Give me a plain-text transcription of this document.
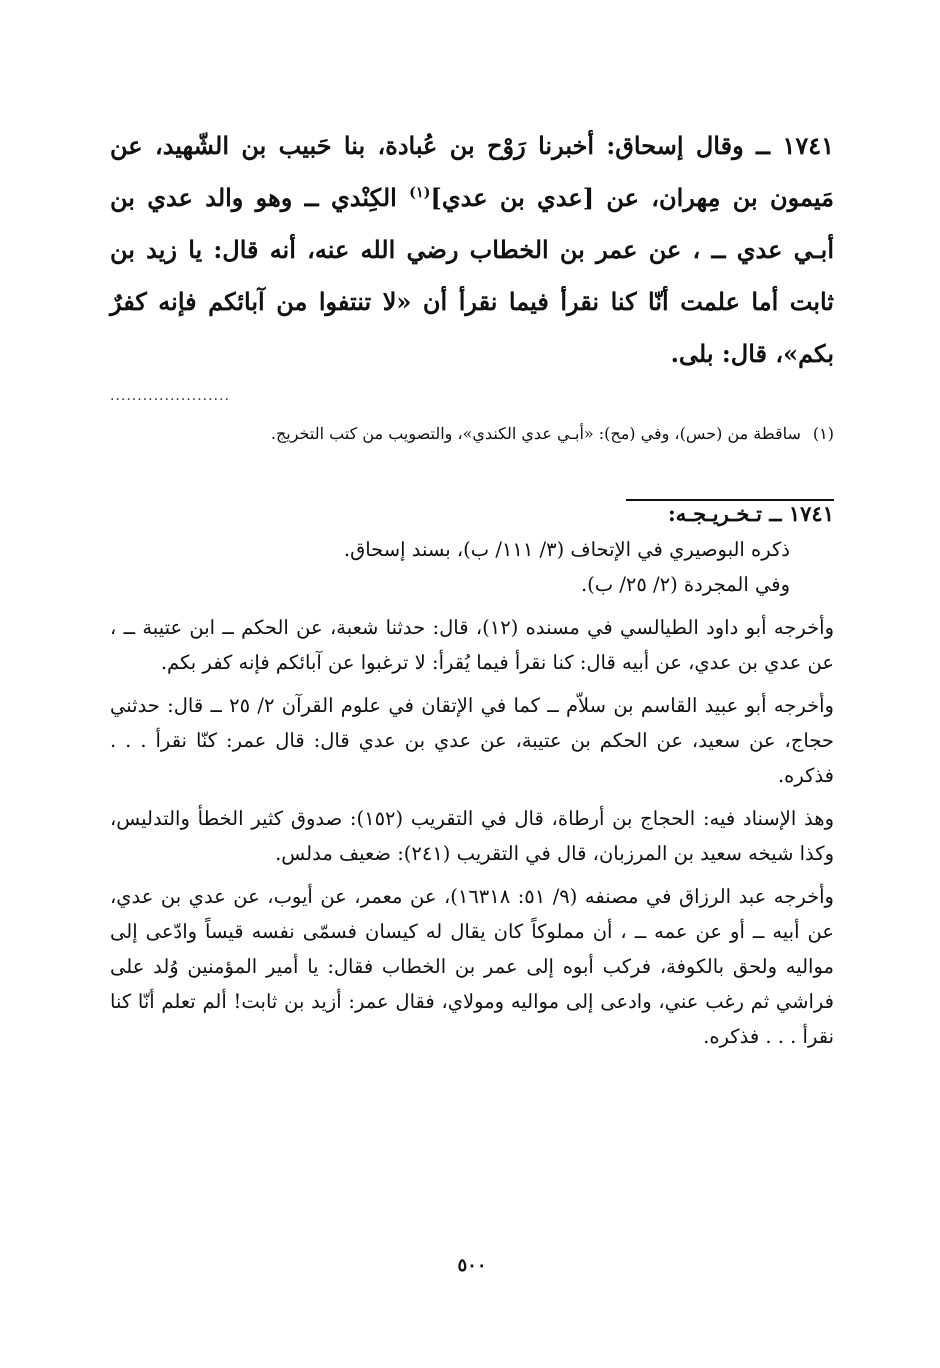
١٧٤١ ــ وقال إسحاق: أخبرنا رَوْح بن عُبادة، بنا حَبيب بن الشّهيد، عن مَيمون بن مِهران، عن [عدي بن عدي]$^{(١)}$ الكِنْدي ــ وهو والد عدي بن أبـي عدي ــ ، عن عمر بن الخطاب رضي الله عنه، أنه قال: يا زيد بن ثابت أما علمت أنّا كنا نقرأ فيما نقرأ أن «لا تنتفوا من آبائكم فإنه كفرٌ بكم»، قال: بلى.

......................
(١)ساقطة من (حس)، وفي (مح): «أبـي عدي الكندي»، والتصويب من كتب التخريج.

١٧٤١ ــ تـخـريـجـه:

ذكره البوصيري في الإتحاف (٣/ ١١١/ ب)، بسند إسحاق.

وفي المجردة (٢/ ٢٥/ ب).

وأخرجه أبو داود الطيالسي في مسنده (١٢)، قال: حدثنا شعبة، عن الحكم ــ ابن عتيبة ــ ، عن عدي بن عدي، عن أبيه قال: كنا نقرأ فيما يُقرأ: لا ترغبوا عن آبائكم فإنه كفر بكم.

وأخرجه أبو عبيد القاسم بن سلاّم ــ كما في الإتقان في علوم القرآن ٢/ ٢٥ ــ قال: حدثني حجاج، عن سعيد، عن الحكم بن عتيبة، عن عدي بن عدي قال: قال عمر: كنّا نقرأ . . . فذكره.

وهذ الإسناد فيه: الحجاج بن أرطاة، قال في التقريب (١٥٢): صدوق كثير الخطأ والتدليس، وكذا شيخه سعيد بن المرزبان، قال في التقريب (٢٤١): ضعيف مدلس.

وأخرجه عبد الرزاق في مصنفه (٩/ ٥١: ١٦٣١٨)، عن معمر، عن أيوب، عن عدي بن عدي، عن أبيه ــ أو عن عمه ــ ، أن مملوكاً كان يقال له كيسان فسمّى نفسه قيساً وادّعى إلى مواليه ولحق بالكوفة، فركب أبوه إلى عمر بن الخطاب فقال: يا أمير المؤمنين وُلد على فراشي ثم رغب عني، وادعى إلى مواليه ومولاي، فقال عمر: أزيد بن ثابت! ألم تعلم أنّا كنا نقرأ . . . فذكره.

٥٠٠
